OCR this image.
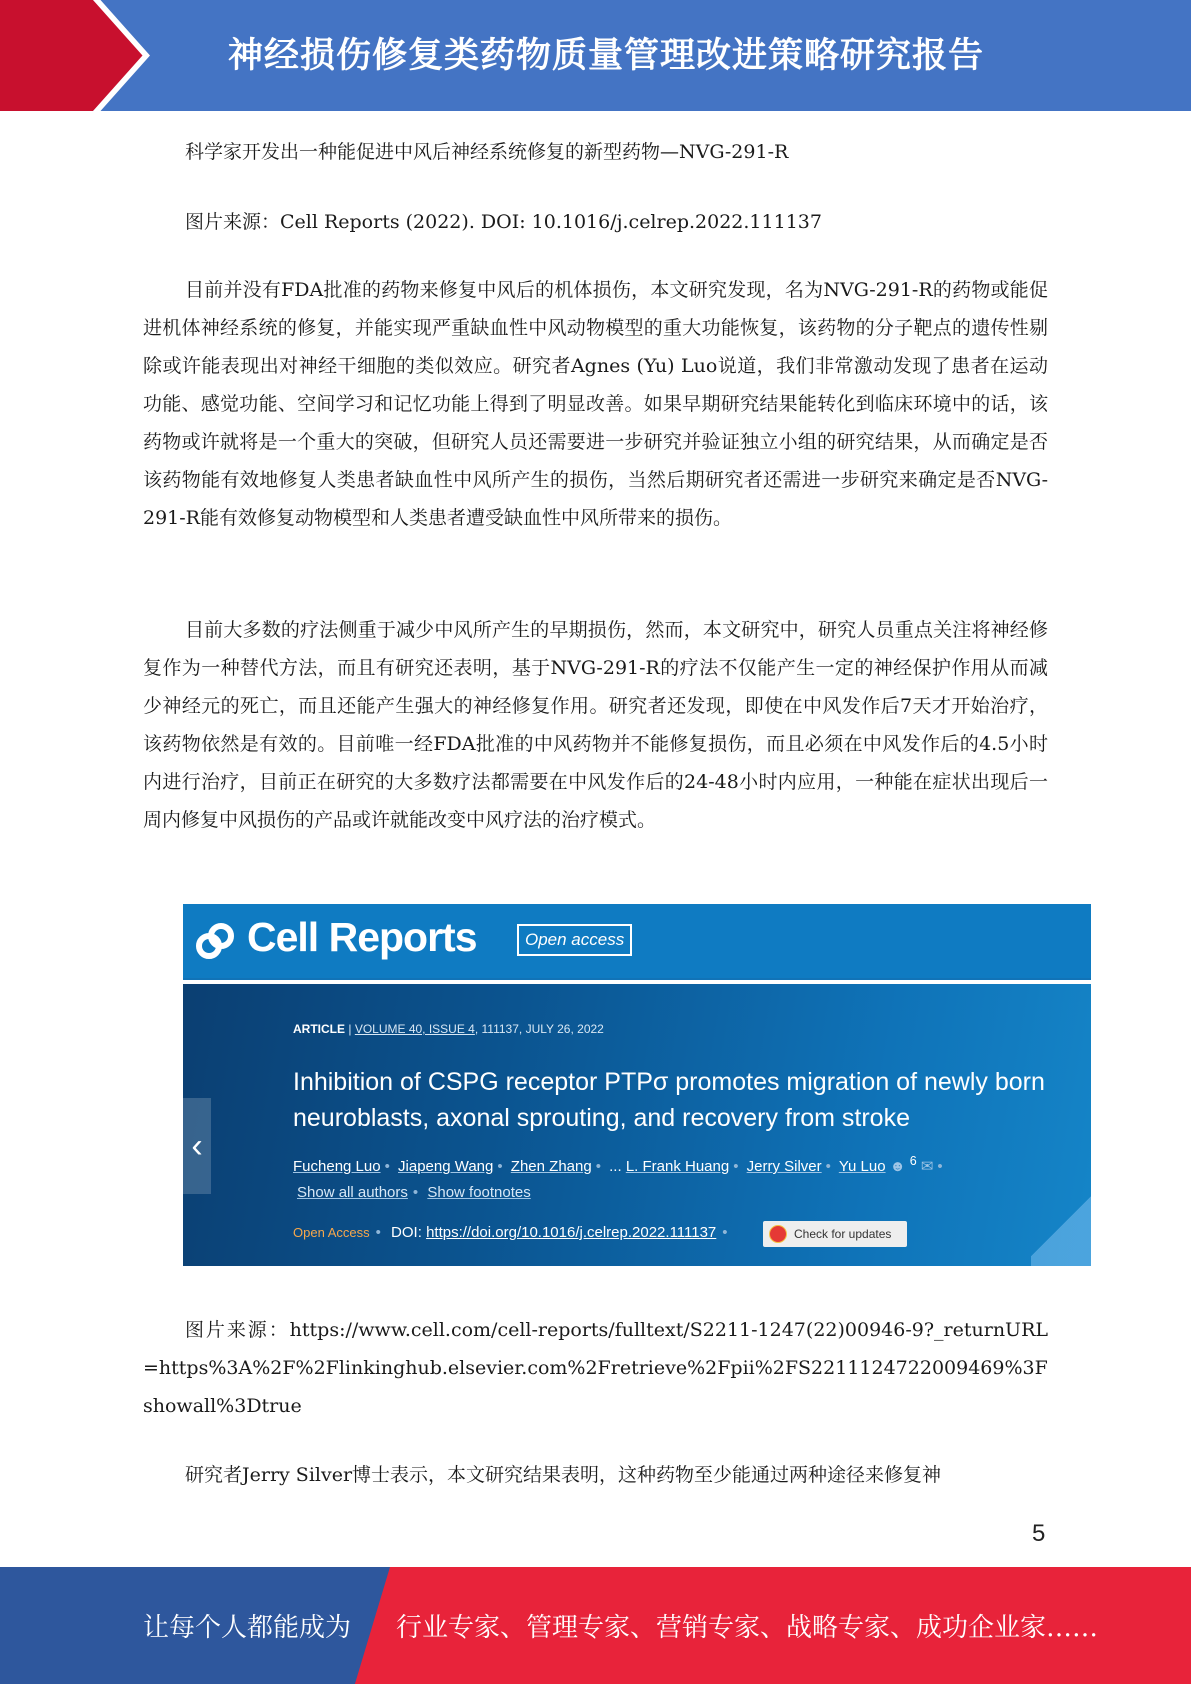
神经损伤修复类药物质量管理改进策略研究报告

科学家开发出一种能促进中风后神经系统修复的新型药物—NVG-291-R

图片来源：Cell Reports (2022). DOI: 10.1016/j.celrep.2022.111137

目前并没有FDA批准的药物来修复中风后的机体损伤，本文研究发现，名为NVG-291-R的药物或能促进机体神经系统的修复，并能实现严重缺血性中风动物模型的重大功能恢复，该药物的分子靶点的遗传性剔除或许能表现出对神经干细胞的类似效应。研究者Agnes (Yu) Luo说道，我们非常激动发现了患者在运动功能、感觉功能、空间学习和记忆功能上得到了明显改善。如果早期研究结果能转化到临床环境中的话，该药物或许就将是一个重大的突破，但研究人员还需要进一步研究并验证独立小组的研究结果，从而确定是否该药物能有效地修复人类患者缺血性中风所产生的损伤，当然后期研究者还需进一步研究来确定是否NVG-291-R能有效修复动物模型和人类患者遭受缺血性中风所带来的损伤。

目前大多数的疗法侧重于减少中风所产生的早期损伤，然而，本文研究中，研究人员重点关注将神经修复作为一种替代方法，而且有研究还表明，基于NVG-291-R的疗法不仅能产生一定的神经保护作用从而减少神经元的死亡，而且还能产生强大的神经修复作用。研究者还发现，即使在中风发作后7天才开始治疗，该药物依然是有效的。目前唯一经FDA批准的中风药物并不能修复损伤，而且必须在中风发作后的4.5小时内进行治疗，目前正在研究的大多数疗法都需要在中风发作后的24-48小时内应用，一种能在症状出现后一周内修复中风损伤的产品或许就能改变中风疗法的治疗模式。

Cell Reports	Open access
‹
ARTICLE | VOLUME 40, ISSUE 4, 111137, JULY 26, 2022
Inhibition of CSPG receptor PTPσ promotes migration of newly born neuroblasts, axonal sprouting, and recovery from stroke
Fucheng Luo • Jiapeng Wang • Zhen Zhang • ... L. Frank Huang • Jerry Silver • Yu Luo ☻ $^6$ ✉ •
Show all authors • Show footnotes
Open Access • DOI: https://doi.org/10.1016/j.celrep.2022.111137 •	Check for updates

图片来源：https://www.cell.com/cell-reports/fulltext/S2211-1247(22)00946-9?_returnURL=https%3A%2F%2Flinkinghub.elsevier.com%2Fretrieve%2Fpii%2FS2211124722009469%3Fshowall%3Dtrue

研究者Jerry Silver博士表示，本文研究结果表明，这种药物至少能通过两种途径来修复神

5
让每个人都能成为 行业专家、管理专家、营销专家、战略专家、成功企业家……
